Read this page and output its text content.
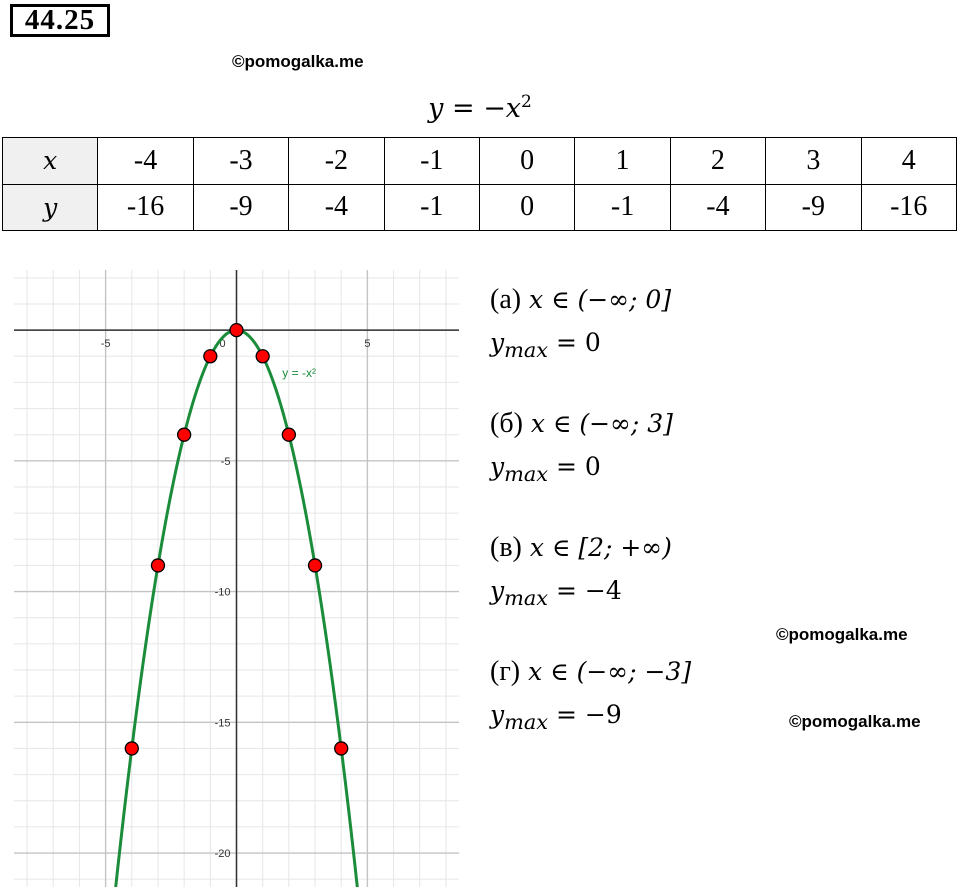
44.25
©pomogalka.me
©pomogalka.me
©pomogalka.me
$y = -x^2$
x	-4	-3	-2	-1	0	1	2	3	4
y	-16	-9	-4	-1	0	-1	-4	-9	-16
-5	0	5
-5
-10
-15
-20
y = -x²
(а) x ∈ (−∞; 0]
$y_{max} = 0$
(б) x ∈ (−∞; 3]
$y_{max} = 0$
(в) x ∈ [2; +∞)
$y_{max} = -4$
(г) x ∈ (−∞; −3]
$y_{max} = -9$
